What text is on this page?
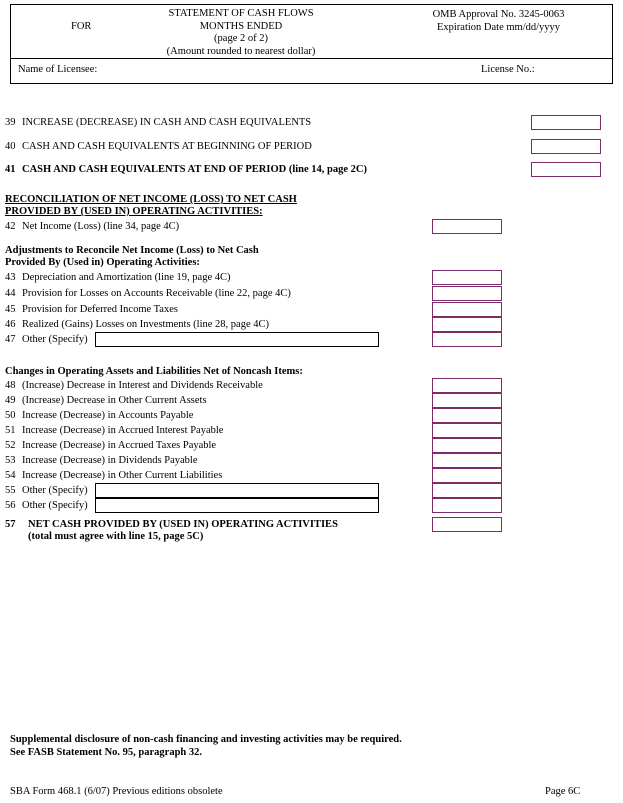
STATEMENT OF CASH FLOWS
FOR	MONTHS ENDED
(page 2 of 2)
(Amount rounded to nearest dollar)
OMB Approval No. 3245-0063
Expiration Date mm/dd/yyyy
Name of Licensee:	License No.:
39 INCREASE (DECREASE) IN CASH AND CASH EQUIVALENTS
40 CASH AND CASH EQUIVALENTS AT BEGINNING OF PERIOD
41 CASH AND CASH EQUIVALENTS AT END OF PERIOD (line 14, page 2C)
RECONCILIATION OF NET INCOME (LOSS) TO NET CASH
PROVIDED BY (USED IN) OPERATING ACTIVITIES:
42 Net Income (Loss) (line 34, page 4C)
Adjustments to Reconcile Net Income (Loss) to Net Cash
Provided By (Used in) Operating Activities:
43 Depreciation and Amortization (line 19, page 4C)
44 Provision for Losses on Accounts Receivable (line 22, page 4C)
45 Provision for Deferred Income Taxes
46 Realized (Gains) Losses on Investments (line 28, page 4C)
47 Other (Specify)
Changes in Operating Assets and Liabilities Net of Noncash Items:
48 (Increase) Decrease in Interest and Dividends Receivable
49 (Increase) Decrease in Other Current Assets
50 Increase (Decrease) in Accounts Payable
51 Increase (Decrease) in Accrued Interest Payable
52 Increase (Decrease) in Accrued Taxes Payable
53 Increase (Decrease) in Dividends Payable
54 Increase (Decrease) in Other Current Liabilities
55 Other (Specify)
56 Other (Specify)
57 NET CASH PROVIDED BY (USED IN) OPERATING ACTIVITIES
(total must agree with line 15, page 5C)
Supplemental disclosure of non-cash financing and investing activities may be required.
See FASB Statement No. 95, paragraph 32.
SBA Form 468.1 (6/07) Previous editions obsolete	Page 6C
